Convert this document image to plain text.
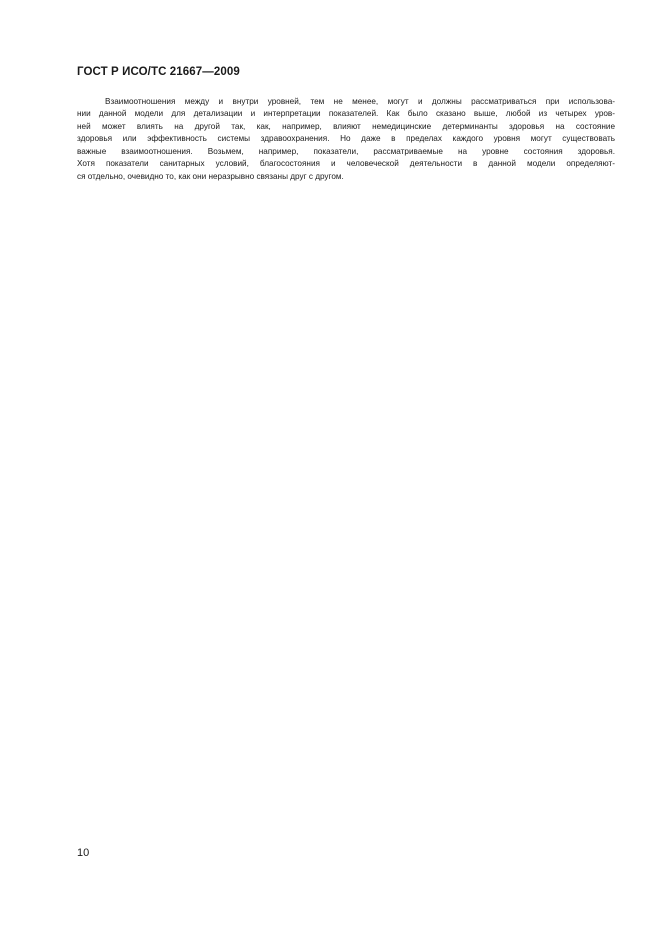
ГОСТ Р ИСО/ТС 21667—2009
Взаимоотношения между и внутри уровней, тем не менее, могут и должны рассматриваться при использова-
нии данной модели для детализации и интерпретации показателей. Как было сказано выше, любой из четырех уров-
ней может влиять на другой так, как, например, влияют немедицинские детерминанты здоровья на состояние
здоровья или эффективность системы здравоохранения. Но даже в пределах каждого уровня могут существовать
важные взаимоотношения. Возьмем, например, показатели, рассматриваемые на уровне состояния здоровья.
Хотя показатели санитарных условий, благосостояния и человеческой деятельности в данной модели определяют-
ся отдельно, очевидно то, как они неразрывно связаны друг с другом.
10
